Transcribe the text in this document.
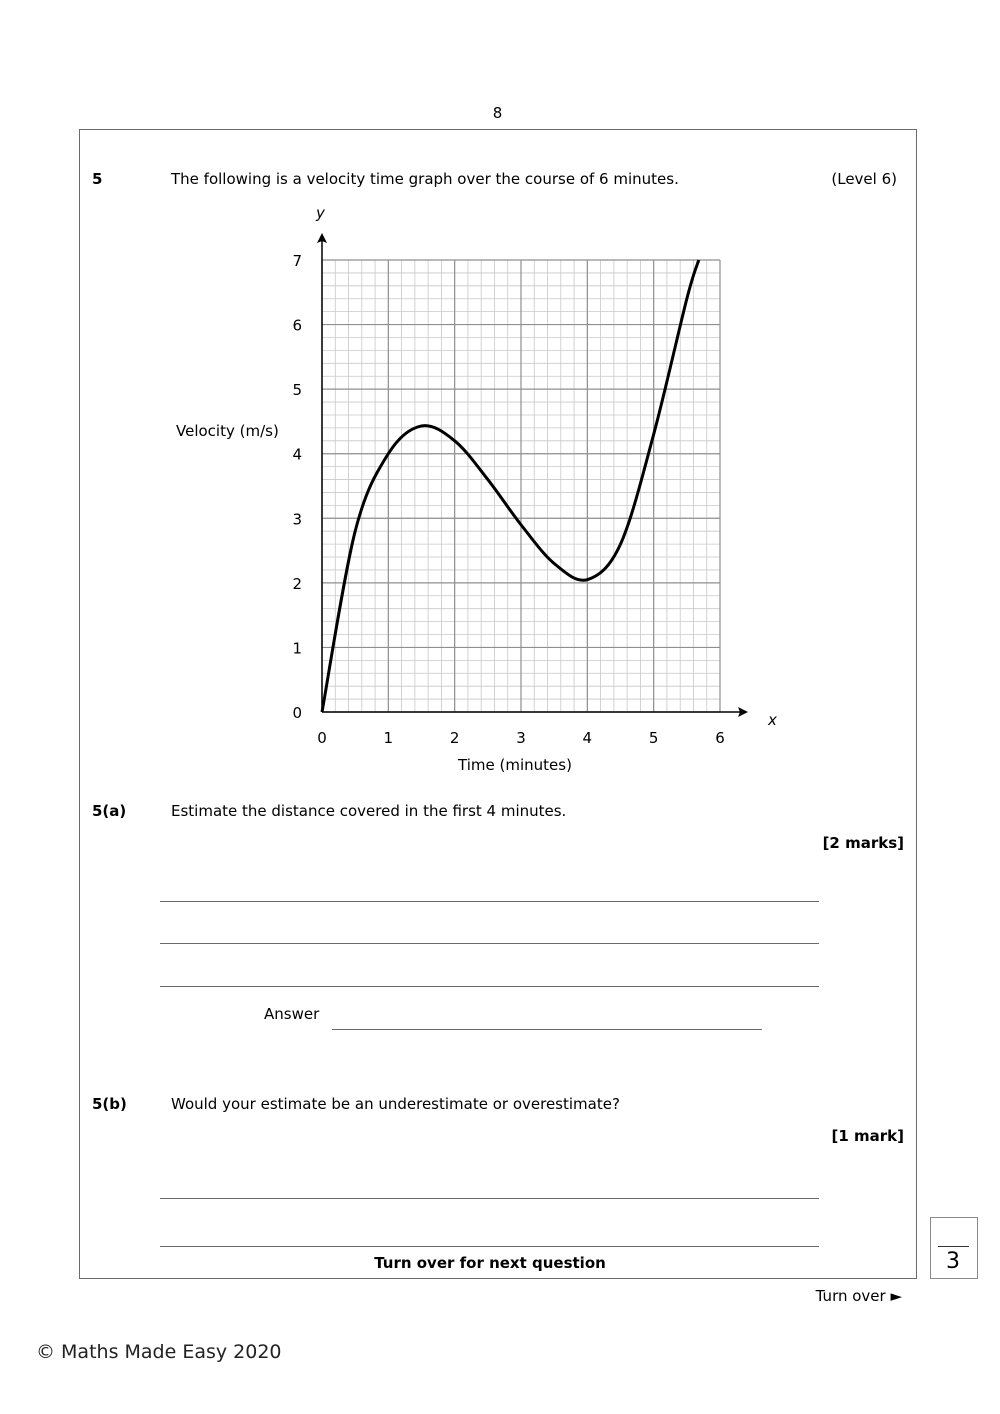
8
5	The following is a velocity time graph over the course of 6 minutes.	(Level 6)
0	1	2	3	4	5	6
0
1
2
3
4
5
6
7
x
y
Time (minutes)
Velocity (m/s)
5(a)	Estimate the distance covered in the first 4 minutes.
[2 marks]
Answer
5(b)	Would your estimate be an underestimate or overestimate?
[1 mark]
Turn over for next question	3
Turn over ►
© Maths Made Easy 2020
